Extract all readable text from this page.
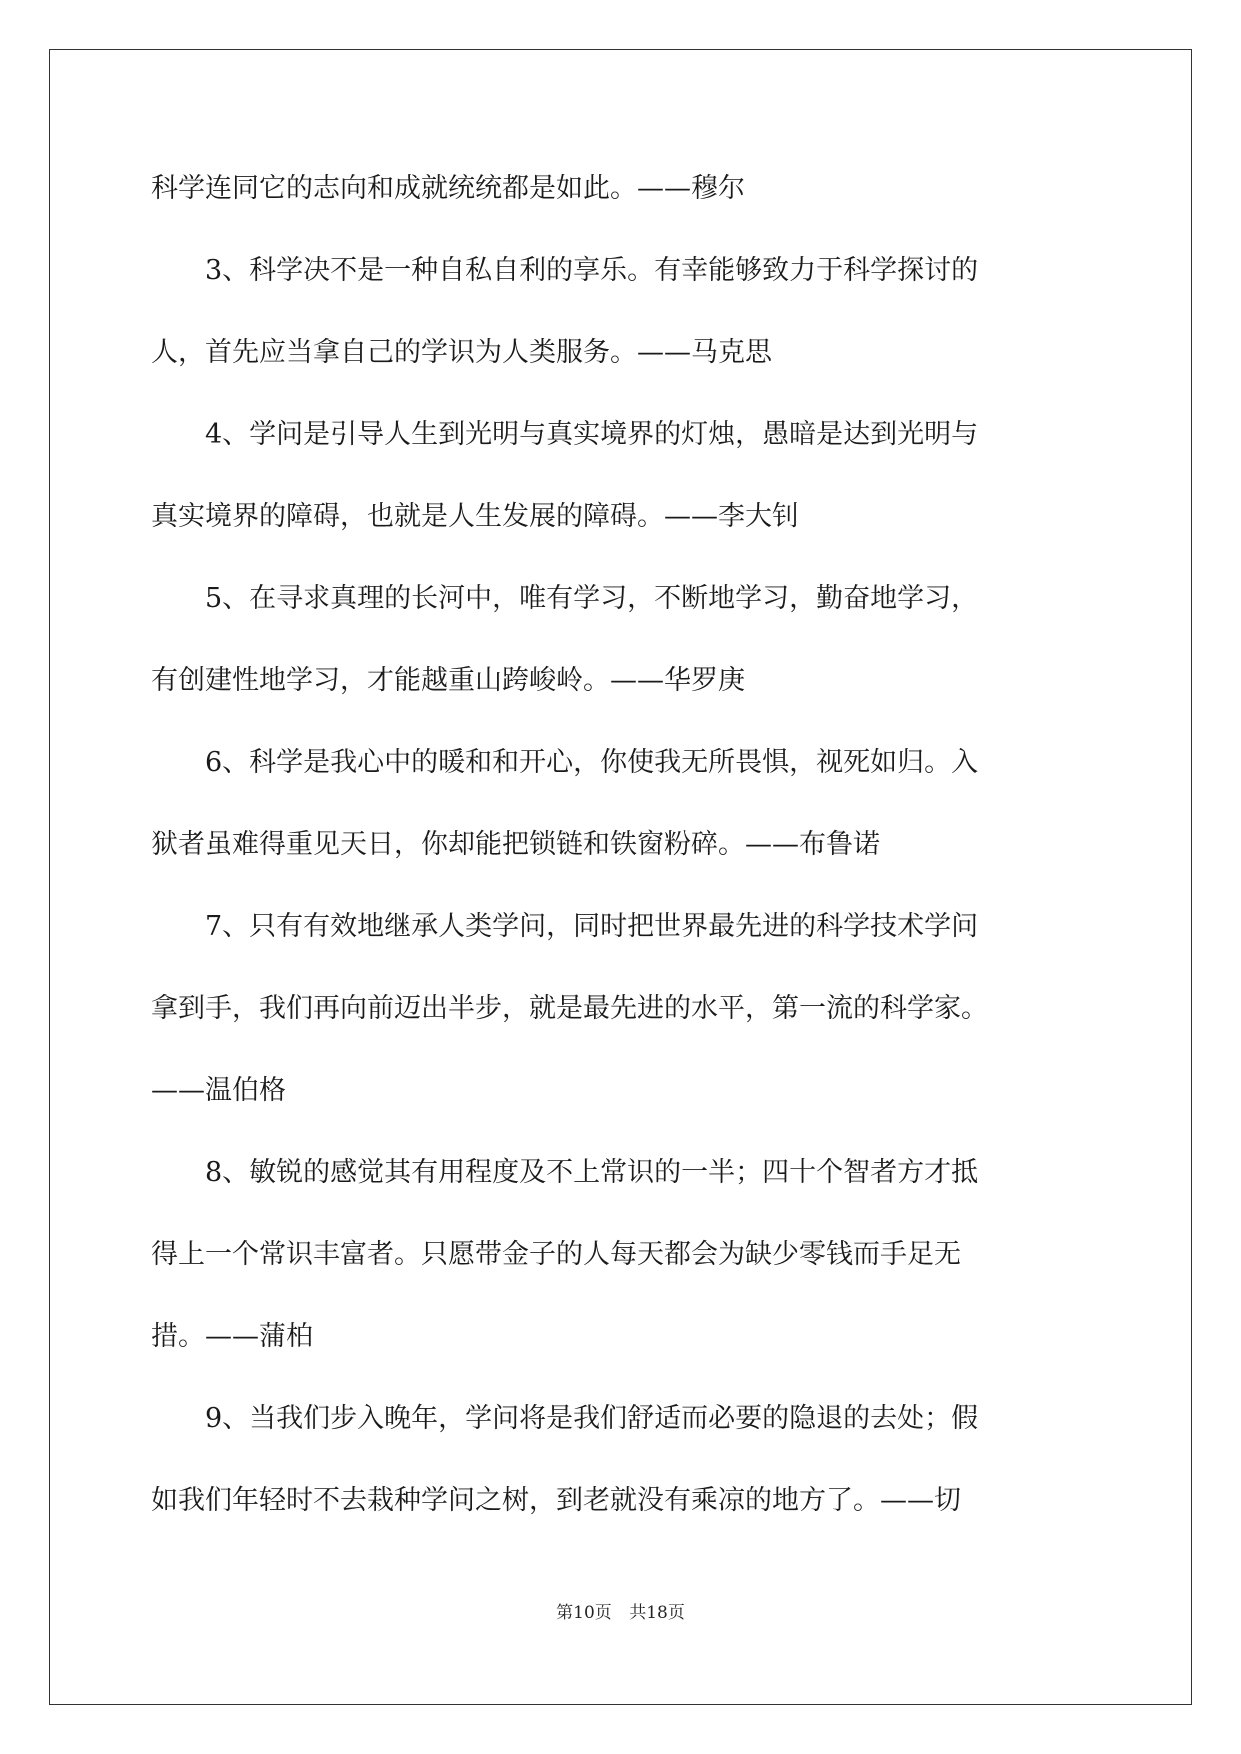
科学连同它的志向和成就统统都是如此。——穆尔
　　3、科学决不是一种自私自利的享乐。有幸能够致力于科学探讨的
人，首先应当拿自己的学识为人类服务。——马克思
　　4、学问是引导人生到光明与真实境界的灯烛，愚暗是达到光明与
真实境界的障碍，也就是人生发展的障碍。——李大钊
　　5、在寻求真理的长河中，唯有学习，不断地学习，勤奋地学习，
有创建性地学习，才能越重山跨峻岭。——华罗庚
　　6、科学是我心中的暖和和开心，你使我无所畏惧，视死如归。入
狱者虽难得重见天日，你却能把锁链和铁窗粉碎。——布鲁诺
　　7、只有有效地继承人类学问，同时把世界最先进的科学技术学问
拿到手，我们再向前迈出半步，就是最先进的水平，第一流的科学家。
——温伯格
　　8、敏锐的感觉其有用程度及不上常识的一半；四十个智者方才抵
得上一个常识丰富者。只愿带金子的人每天都会为缺少零钱而手足无
措。——蒲柏
　　9、当我们步入晚年，学问将是我们舒适而必要的隐退的去处；假
如我们年轻时不去栽种学问之树，到老就没有乘凉的地方了。——切
第10页 共18页
